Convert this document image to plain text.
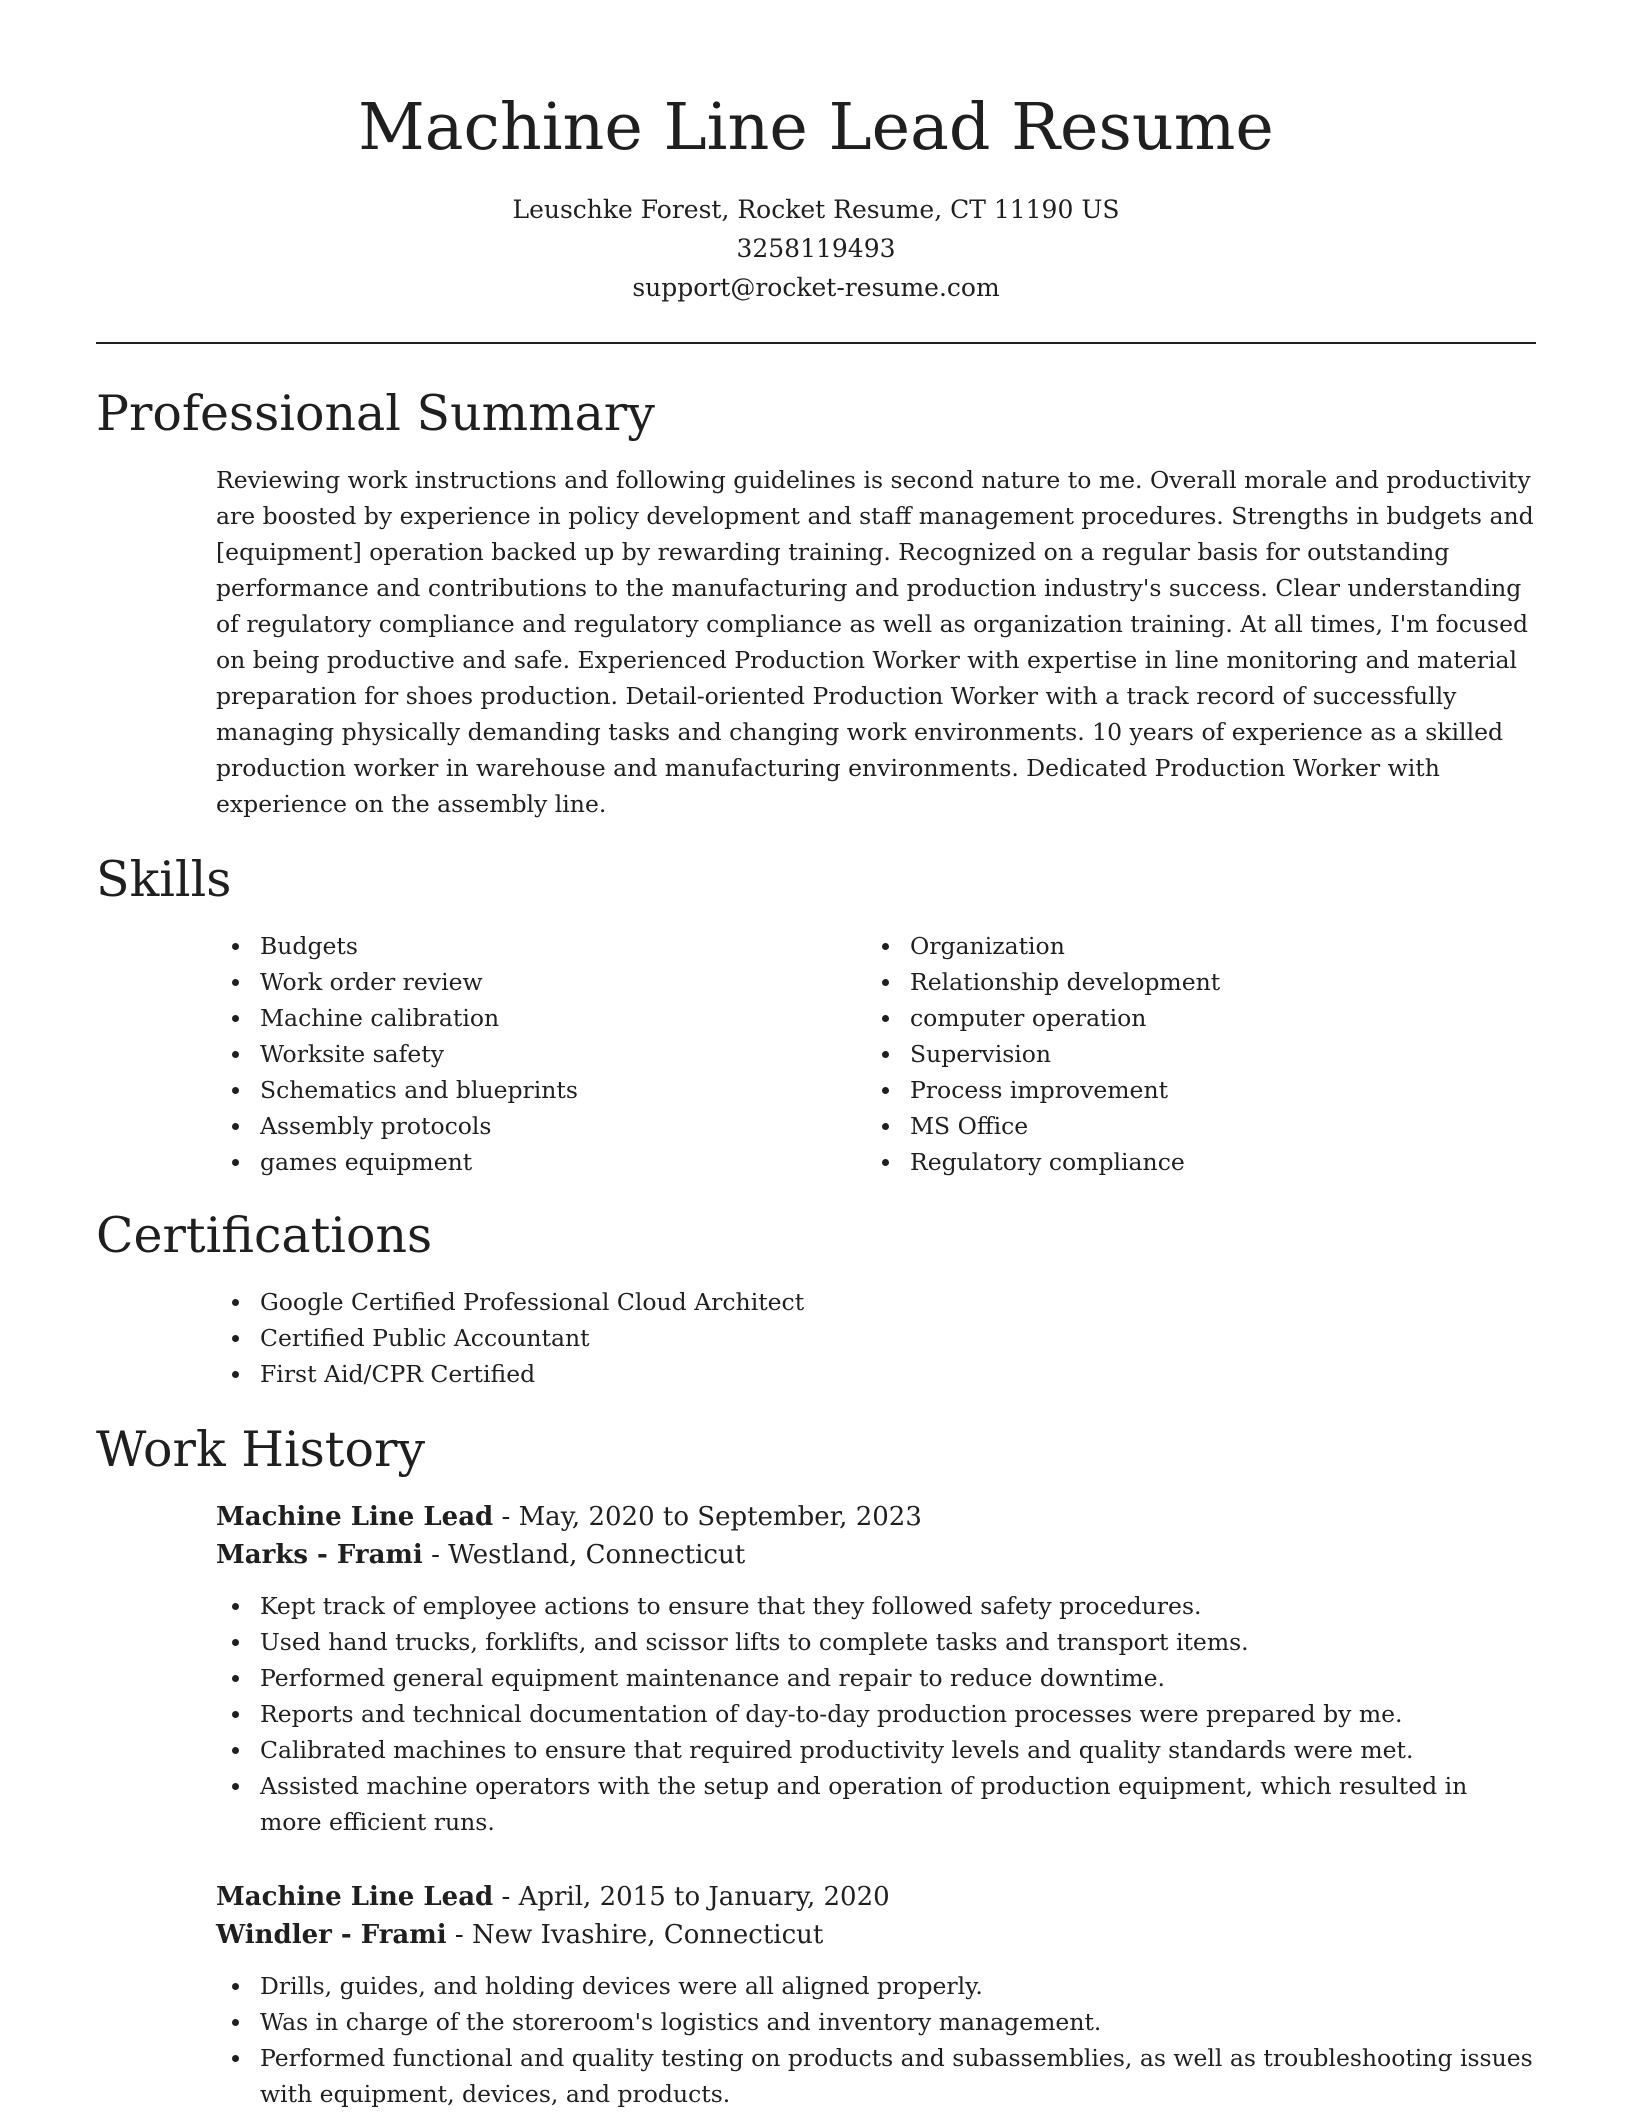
Machine Line Lead Resume
Leuschke Forest, Rocket Resume, CT 11190 US
3258119493
support@rocket-resume.com
Professional Summary

Reviewing work instructions and following guidelines is second nature to me. Overall morale and productivity are boosted by experience in policy development and staff management procedures. Strengths in budgets and [equipment] operation backed up by rewarding training. Recognized on a regular basis for outstanding performance and contributions to the manufacturing and production industry's success. Clear understanding of regulatory compliance and regulatory compliance as well as organization training. At all times, I'm focused on being productive and safe. Experienced Production Worker with expertise in line monitoring and material preparation for shoes production. Detail-oriented Production Worker with a track record of successfully managing physically demanding tasks and changing work environments. 10 years of experience as a skilled production worker in warehouse and manufacturing environments. Dedicated Production Worker with experience on the assembly line.

Skills
Budgets
Work order review
Machine calibration
Worksite safety
Schematics and blueprints
Assembly protocols
games equipment
Organization
Relationship development
computer operation
Supervision
Process improvement
MS Office
Regulatory compliance
Certifications
Google Certified Professional Cloud Architect
Certified Public Accountant
First Aid/CPR Certified
Work History
Machine Line Lead - May, 2020 to September, 2023
Marks - Frami - Westland, Connecticut
Kept track of employee actions to ensure that they followed safety procedures.
Used hand trucks, forklifts, and scissor lifts to complete tasks and transport items.
Performed general equipment maintenance and repair to reduce downtime.
Reports and technical documentation of day-to-day production processes were prepared by me.
Calibrated machines to ensure that required productivity levels and quality standards were met.
Assisted machine operators with the setup and operation of production equipment, which resulted in more efficient runs.
Machine Line Lead - April, 2015 to January, 2020
Windler - Frami - New Ivashire, Connecticut
Drills, guides, and holding devices were all aligned properly.
Was in charge of the storeroom's logistics and inventory management.
Performed functional and quality testing on products and subassemblies, as well as troubleshooting issues with equipment, devices, and products.
